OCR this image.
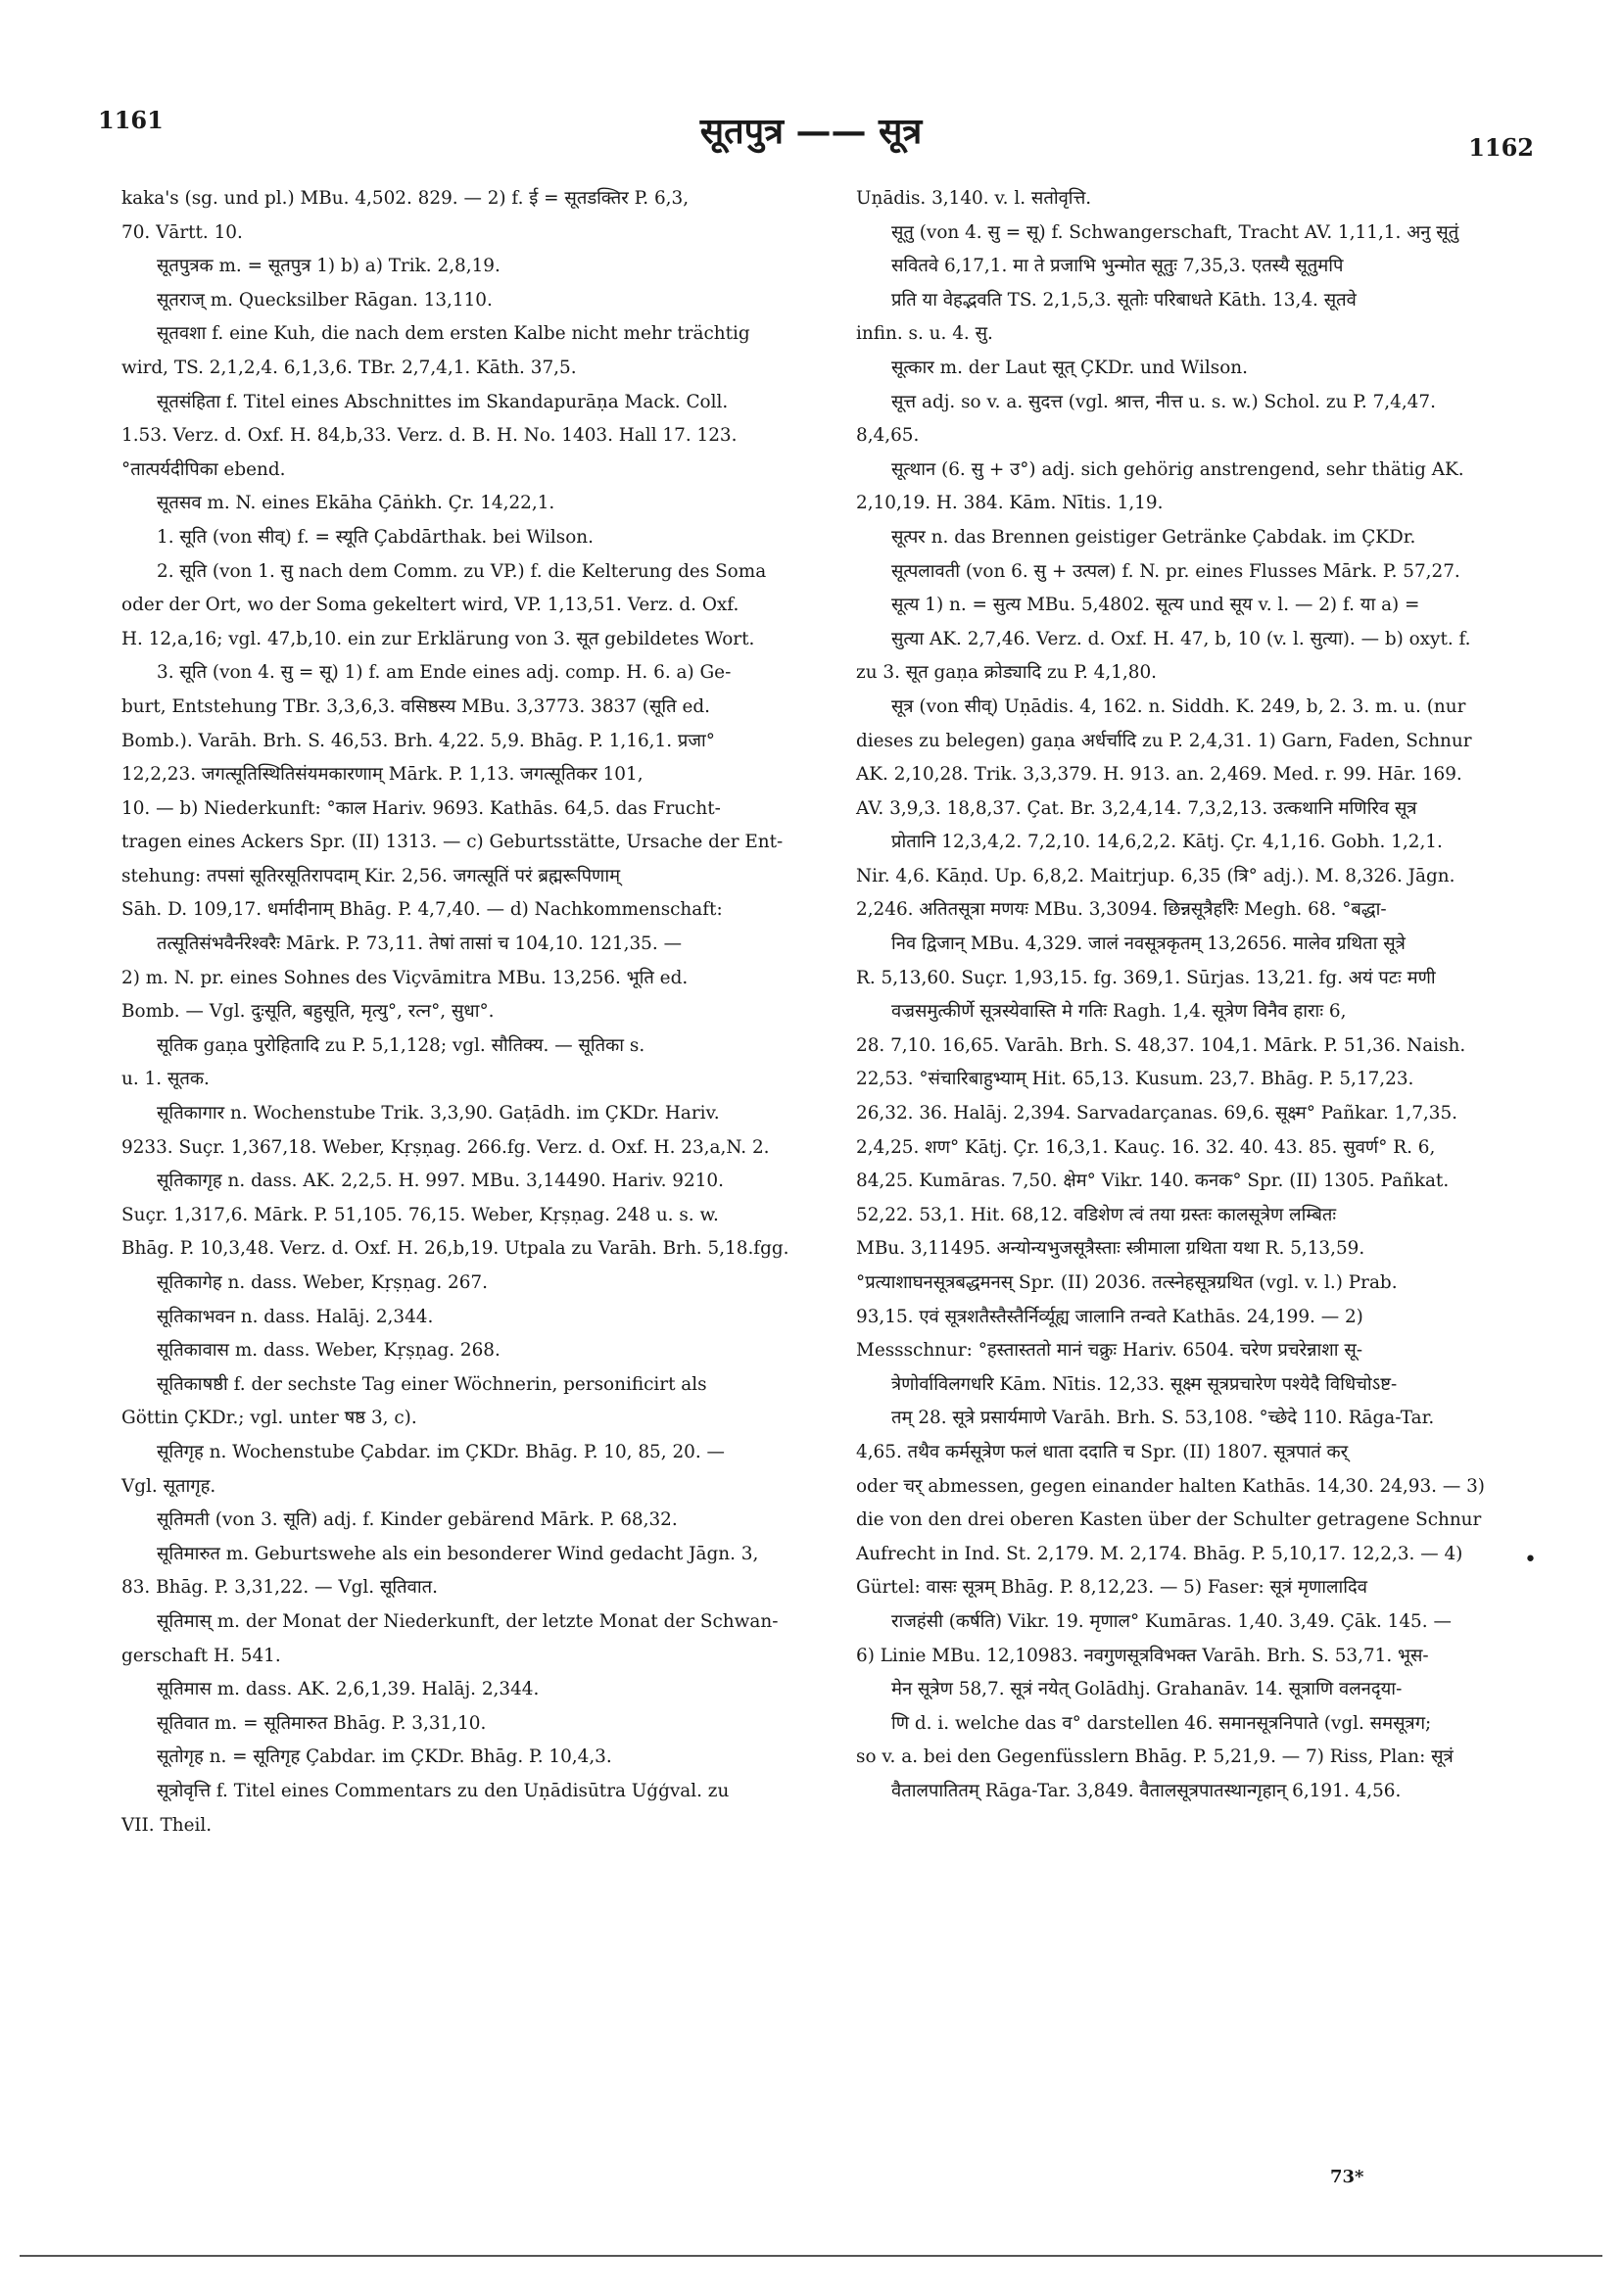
1161	सूतपुत्र —— सूत्र	1162

kaka's (sg. und pl.) MBu. 4,502. 829. — 2) f. ई = सूतडक्तिर P. 6,3,

70. Vārtt. 10.

सूतपुत्रक m. = सूतपुत्र 1) b) a) Trik. 2,8,19.

सूतराज् m. Quecksilber Rāgan. 13,110.

सूतवशा f. eine Kuh, die nach dem ersten Kalbe nicht mehr trächtig

wird, TS. 2,1,2,4. 6,1,3,6. TBr. 2,7,4,1. Kāth. 37,5.

सूतसंहिता f. Titel eines Abschnittes im Skandapurāṇa Mack. Coll.

1.53. Verz. d. Oxf. H. 84,b,33. Verz. d. B. H. No. 1403. Hall 17. 123.

°तात्पर्यदीपिका ebend.

सूतसव m. N. eines Ekāha Çāṅkh. Çr. 14,22,1.

1. सूति (von सीव्) f. = स्यूति Çabdārthak. bei Wilson.

2. सूति (von 1. सु nach dem Comm. zu VP.) f. die Kelterung des Soma

oder der Ort, wo der Soma gekeltert wird, VP. 1,13,51. Verz. d. Oxf.

H. 12,a,16; vgl. 47,b,10. ein zur Erklärung von 3. सूत gebildetes Wort.

3. सूति (von 4. सु = सू) 1) f. am Ende eines adj. comp. H. 6. a) Ge-

burt, Entstehung TBr. 3,3,6,3. वसिष्ठस्य MBu. 3,3773. 3837 (सूति ed.

Bomb.). Varāh. Brh. S. 46,53. Brh. 4,22. 5,9. Bhāg. P. 1,16,1. प्रजा°

12,2,23. जगत्सूतिस्थितिसंयमकारणाम् Mārk. P. 1,13. जगत्सूतिकर 101,

10. — b) Niederkunft: °काल Hariv. 9693. Kathās. 64,5. das Frucht-

tragen eines Ackers Spr. (II) 1313. — c) Geburtsstätte, Ursache der Ent-

stehung: तपसां सूतिरसूतिरापदाम् Kir. 2,56. जगत्सूतिं परं ब्रह्मरूपिणाम्

Sāh. D. 109,17. धर्मादीनाम् Bhāg. P. 4,7,40. — d) Nachkommenschaft:

तत्सूतिसंभवैर्नरेश्वरैः Mārk. P. 73,11. तेषां तासां च 104,10. 121,35. —

2) m. N. pr. eines Sohnes des Viçvāmitra MBu. 13,256. भूति ed.

Bomb. — Vgl. दुःसूति, बहुसूति, मृत्यु°, रत्न°, सुधा°.

सूतिक gaṇa पुरोहितादि zu P. 5,1,128; vgl. सौतिक्य. — सूतिका s.

u. 1. सूतक.

सूतिकागार n. Wochenstube Trik. 3,3,90. Gaṭādh. im ÇKDr. Hariv.

9233. Suçr. 1,367,18. Weber, Kṛṣṇag. 266.fg. Verz. d. Oxf. H. 23,a,N. 2.

सूतिकागृह n. dass. AK. 2,2,5. H. 997. MBu. 3,14490. Hariv. 9210.

Suçr. 1,317,6. Mārk. P. 51,105. 76,15. Weber, Kṛṣṇag. 248 u. s. w.

Bhāg. P. 10,3,48. Verz. d. Oxf. H. 26,b,19. Utpala zu Varāh. Brh. 5,18.fgg.

सूतिकागेह n. dass. Weber, Kṛṣṇag. 267.

सूतिकाभवन n. dass. Halāj. 2,344.

सूतिकावास m. dass. Weber, Kṛṣṇag. 268.

सूतिकाषष्ठी f. der sechste Tag einer Wöchnerin, personificirt als

Göttin ÇKDr.; vgl. unter षष्ठ 3, c).

सूतिगृह n. Wochenstube Çabdar. im ÇKDr. Bhāg. P. 10, 85, 20. —

Vgl. सूतागृह.

सूतिमती (von 3. सूति) adj. f. Kinder gebärend Mārk. P. 68,32.

सूतिमारुत m. Geburtswehe als ein besonderer Wind gedacht Jāgn. 3,

83. Bhāg. P. 3,31,22. — Vgl. सूतिवात.

सूतिमास् m. der Monat der Niederkunft, der letzte Monat der Schwan-

gerschaft H. 541.

सूतिमास m. dass. AK. 2,6,1,39. Halāj. 2,344.

सूतिवात m. = सूतिमारुत Bhāg. P. 3,31,10.

सूतोगृह n. = सूतिगृह Çabdar. im ÇKDr. Bhāg. P. 10,4,3.

सूत्रोवृत्ति f. Titel eines Commentars zu den Uṇādisūtra Uģģval. zu

VII. Theil.

Uṇādis. 3,140. v. l. सतोवृत्ति.

सूतु (von 4. सु = सू) f. Schwangerschaft, Tracht AV. 1,11,1. अनु सूतुं

सवितवे 6,17,1. मा ते प्रजाभि भुन्मोत सूतुः 7,35,3. एतस्यै सूतुमपि

प्रति या वेहद्भवति TS. 2,1,5,3. सूतोः परिबाधते Kāth. 13,4. सूतवे

infin. s. u. 4. सु.

सूत्कार m. der Laut सूत् ÇKDr. und Wilson.

सूत्त adj. so v. a. सुदत्त (vgl. श्रात्त, नीत्त u. s. w.) Schol. zu P. 7,4,47.

8,4,65.

सूत्थान (6. सु + उ°) adj. sich gehörig anstrengend, sehr thätig AK.

2,10,19. H. 384. Kām. Nītis. 1,19.

सूत्पर n. das Brennen geistiger Getränke Çabdak. im ÇKDr.

सूत्पलावती (von 6. सु + उत्पल) f. N. pr. eines Flusses Mārk. P. 57,27.

सूत्य 1) n. = सुत्य MBu. 5,4802. सूत्य und सूय v. l. — 2) f. या a) =

सुत्या AK. 2,7,46. Verz. d. Oxf. H. 47, b, 10 (v. l. सुत्या). — b) oxyt. f.

zu 3. सूत gaṇa क्रोड्यादि zu P. 4,1,80.

सूत्र (von सीव्) Uṇādis. 4, 162. n. Siddh. K. 249, b, 2. 3. m. u. (nur

dieses zu belegen) gaṇa अर्धर्चादि zu P. 2,4,31. 1) Garn, Faden, Schnur

AK. 2,10,28. Trik. 3,3,379. H. 913. an. 2,469. Med. r. 99. Hār. 169.

AV. 3,9,3. 18,8,37. Çat. Br. 3,2,4,14. 7,3,2,13. उत्कथानि मणिरिव सूत्र

प्रोतानि 12,3,4,2. 7,2,10. 14,6,2,2. Kātj. Çr. 4,1,16. Gobh. 1,2,1.

Nir. 4,6. Kāṇd. Up. 6,8,2. Maitrjup. 6,35 (त्रि° adj.). M. 8,326. Jāgn.

2,246. अतितसूत्रा मणयः MBu. 3,3094. छिन्नसूत्रैर्हारैः Megh. 68. °बद्धा-

निव द्विजान् MBu. 4,329. जालं नवसूत्रकृतम् 13,2656. मालेव ग्रथिता सूत्रे

R. 5,13,60. Suçr. 1,93,15. fg. 369,1. Sūrjas. 13,21. fg. अयं पटः मणी

वज्रसमुत्कीर्णे सूत्रस्येवास्ति मे गतिः Ragh. 1,4. सूत्रेण विनैव हाराः 6,

28. 7,10. 16,65. Varāh. Brh. S. 48,37. 104,1. Mārk. P. 51,36. Naish.

22,53. °संचारिबाहुभ्याम् Hit. 65,13. Kusum. 23,7. Bhāg. P. 5,17,23.

26,32. 36. Halāj. 2,394. Sarvadarçanas. 69,6. सूक्ष्म° Pañkar. 1,7,35.

2,4,25. शण° Kātj. Çr. 16,3,1. Kauç. 16. 32. 40. 43. 85. सुवर्ण° R. 6,

84,25. Kumāras. 7,50. क्षेम° Vikr. 140. कनक° Spr. (II) 1305. Pañkat.

52,22. 53,1. Hit. 68,12. वडिशेण त्वं तया ग्रस्तः कालसूत्रेण लम्बितः

MBu. 3,11495. अन्योन्यभुजसूत्रैस्ताः स्त्रीमाला ग्रथिता यथा R. 5,13,59.

°प्रत्याशाघनसूत्रबद्धमनस् Spr. (II) 2036. तत्स्नेहसूत्रग्रथित (vgl. v. l.) Prab.

93,15. एवं सूत्रशतैस्तैस्तैर्निर्व्यूह्य जालानि तन्वते Kathās. 24,199. — 2)

Messschnur: °हस्तास्ततो मानं चक्रुः Hariv. 6504. चरेण प्रचरेन्नाशा सू-

त्रेणोर्वाविलगधरि Kām. Nītis. 12,33. सूक्ष्म सूत्रप्रचारेण पश्येदै विधिचोऽष्ट-

तम् 28. सूत्रे प्रसार्यमाणे Varāh. Brh. S. 53,108. °च्छेदे 110. Rāga-Tar.

4,65. तथैव कर्मसूत्रेण फलं धाता ददाति च Spr. (II) 1807. सूत्रपातं कर्

oder चर् abmessen, gegen einander halten Kathās. 14,30. 24,93. — 3)

die von den drei oberen Kasten über der Schulter getragene Schnur

Aufrecht in Ind. St. 2,179. M. 2,174. Bhāg. P. 5,10,17. 12,2,3. — 4)

Gürtel: वासः सूत्रम् Bhāg. P. 8,12,23. — 5) Faser: सूत्रं मृणालादिव

राजहंसी (कर्षति) Vikr. 19. मृणाल° Kumāras. 1,40. 3,49. Çāk. 145. —

6) Linie MBu. 12,10983. नवगुणसूत्रविभक्त Varāh. Brh. S. 53,71. भूस-

मेन सूत्रेण 58,7. सूत्रं नयेत् Golādhj. Grahanāv. 14. सूत्राणि वलनदृया-

णि d. i. welche das व° darstellen 46. समानसूत्रनिपाते (vgl. समसूत्रग;

so v. a. bei den Gegenfüsslern Bhāg. P. 5,21,9. — 7) Riss, Plan: सूत्रं

वैतालपातितम् Rāga-Tar. 3,849. वैतालसूत्रपातस्थान्गृहान् 6,191. 4,56.

•
73*
